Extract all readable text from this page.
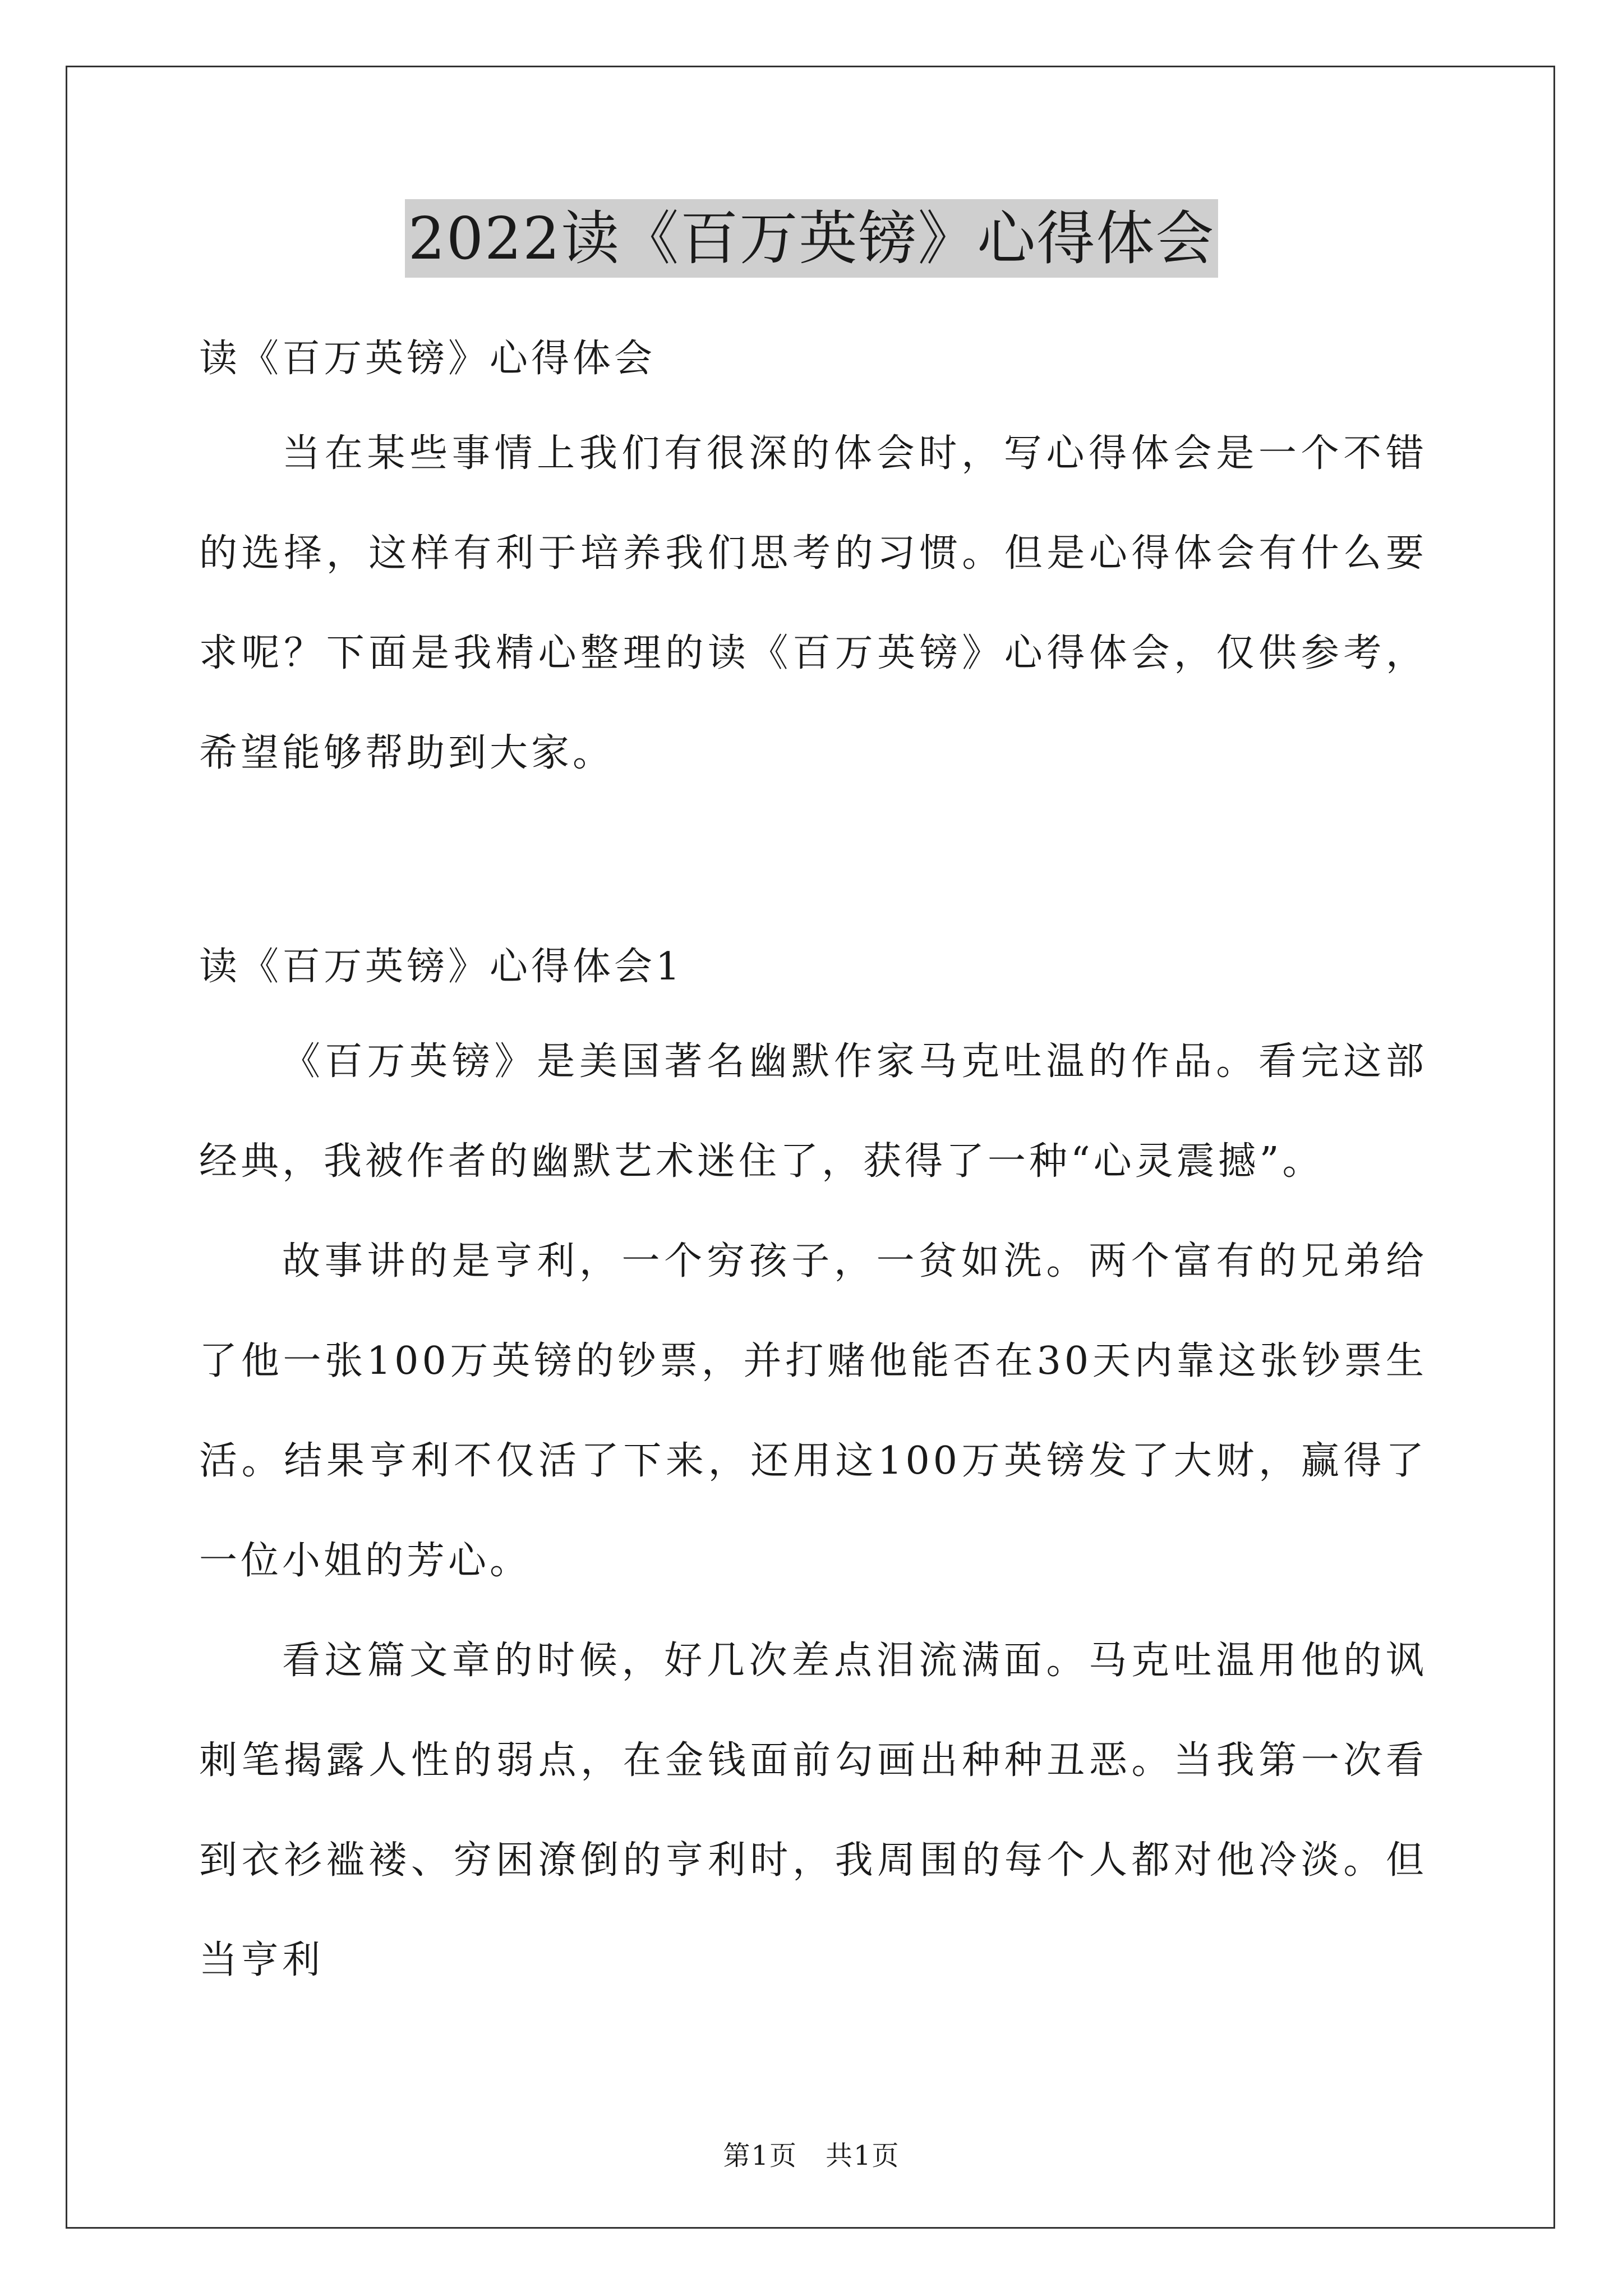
2022读《百万英镑》心得体会

读《百万英镑》心得体会

当在某些事情上我们有很深的体会时，写心得体会是一个不错的选择，这样有利于培养我们思考的习惯。但是心得体会有什么要求呢？下面是我精心整理的读《百万英镑》心得体会，仅供参考，希望能够帮助到大家。

读《百万英镑》心得体会1

《百万英镑》是美国著名幽默作家马克吐温的作品。看完这部经典，我被作者的幽默艺术迷住了，获得了一种“心灵震撼”。

故事讲的是亨利，一个穷孩子，一贫如洗。两个富有的兄弟给了他一张100万英镑的钞票，并打赌他能否在30天内靠这张钞票生活。结果亨利不仅活了下来，还用这100万英镑发了大财，赢得了一位小姐的芳心。

看这篇文章的时候，好几次差点泪流满面。马克吐温用他的讽刺笔揭露人性的弱点，在金钱面前勾画出种种丑恶。当我第一次看到衣衫褴褛、穷困潦倒的亨利时，我周围的每个人都对他冷淡。但当亨利

第1页 共1页
